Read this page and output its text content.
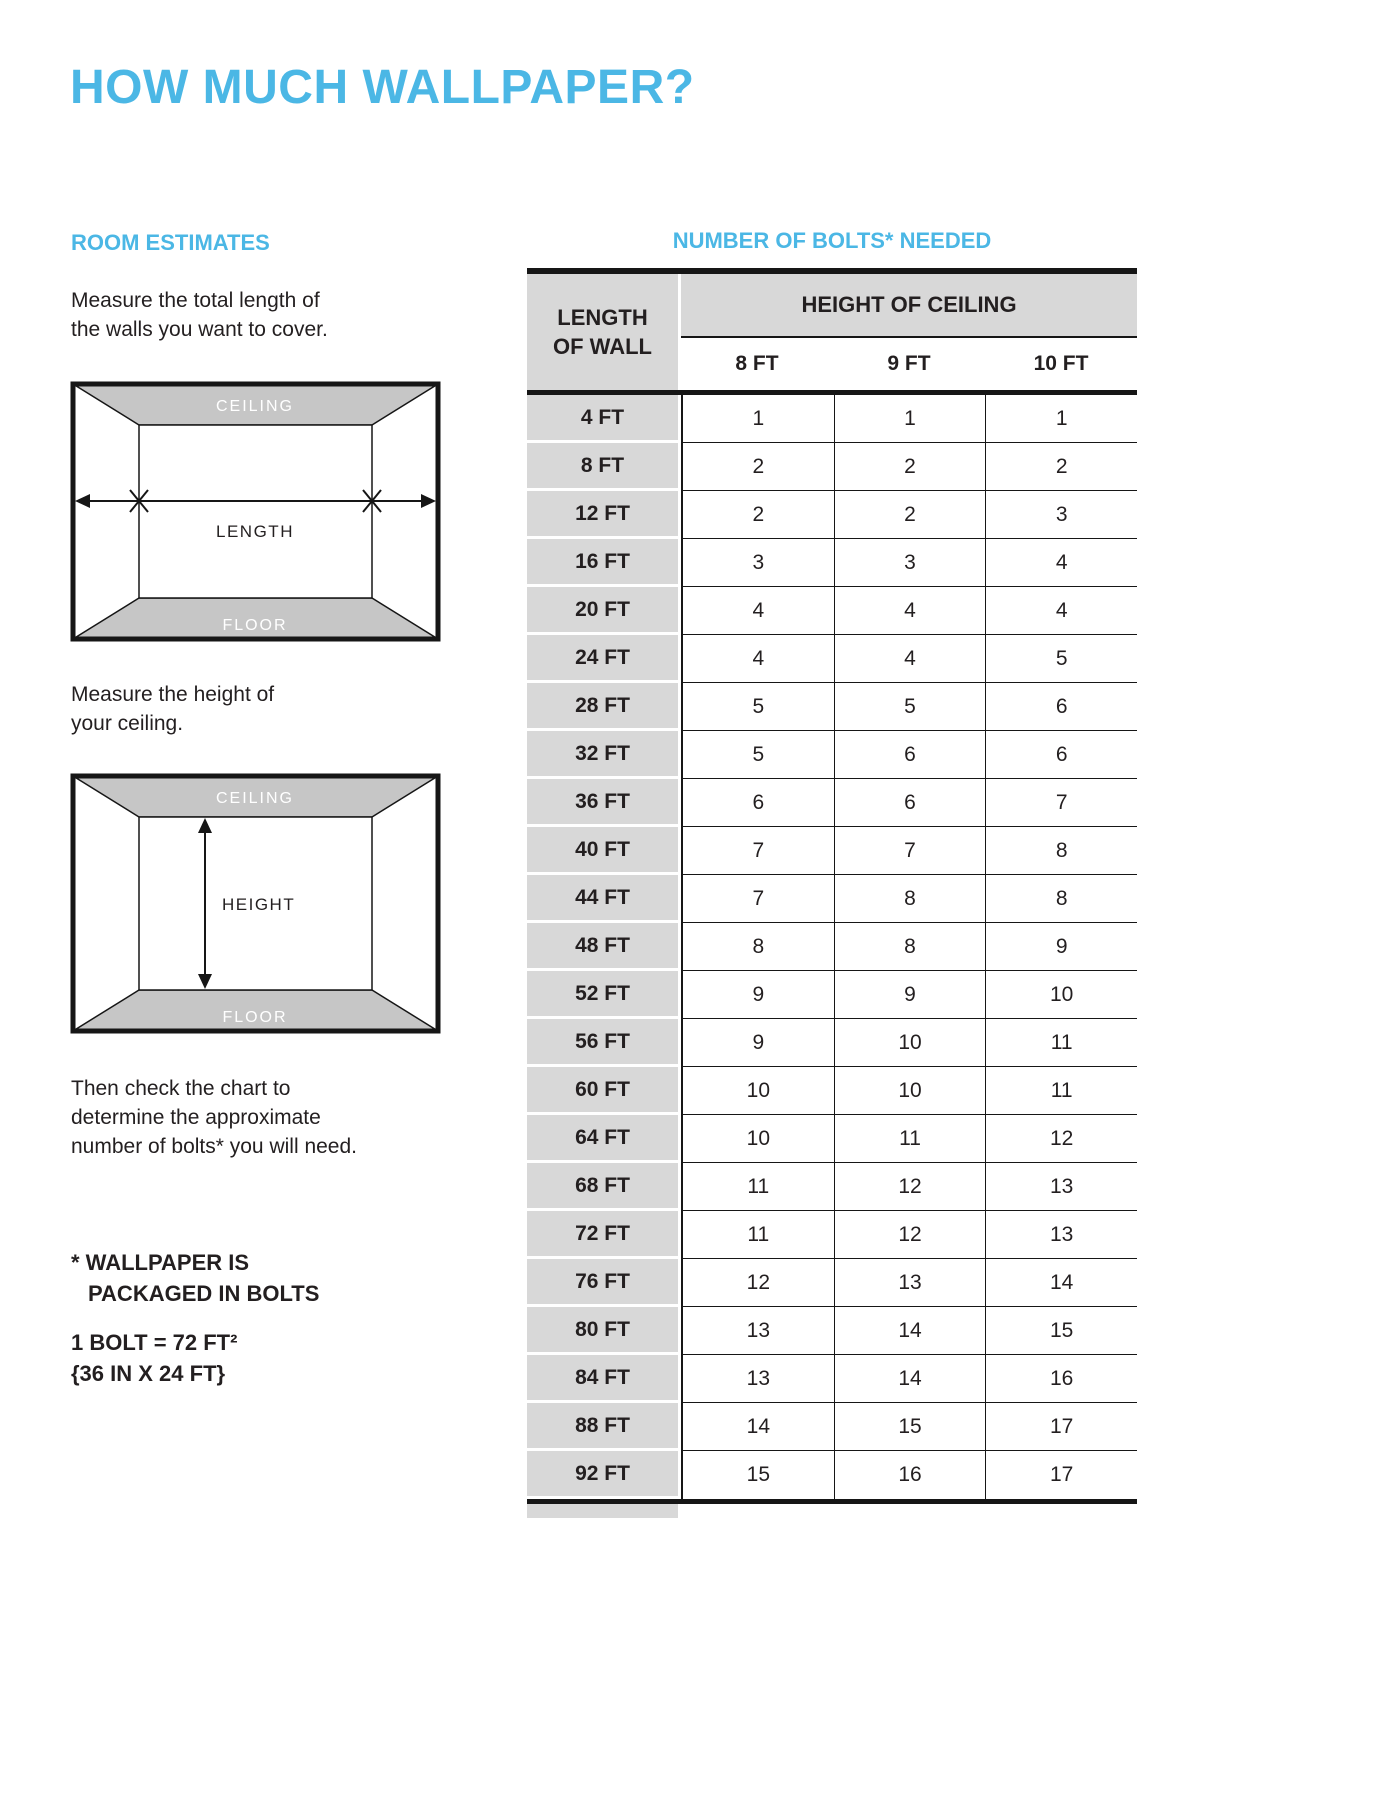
HOW MUCH WALLPAPER?
ROOM ESTIMATES
Measure the total length of
the walls you want to cover.
CEILING
LENGTH
FLOOR
Measure the height of
your ceiling.
CEILING
HEIGHT
FLOOR
Then check the chart to
determine the approximate
number of bolts* you will need.
* WALLPAPER IS
PACKAGED IN BOLTS
1 BOLT = 72 FT²
{36 IN X 24 FT}
NUMBER OF BOLTS* NEEDED
LENGTH
OF WALL
HEIGHT OF CEILING
8 FT	9 FT	10 FT
4 FT	1	1	1
8 FT	2	2	2
12 FT	2	2	3
16 FT	3	3	4
20 FT	4	4	4
24 FT	4	4	5
28 FT	5	5	6
32 FT	5	6	6
36 FT	6	6	7
40 FT	7	7	8
44 FT	7	8	8
48 FT	8	8	9
52 FT	9	9	10
56 FT	9	10	11
60 FT	10	10	11
64 FT	10	11	12
68 FT	11	12	13
72 FT	11	12	13
76 FT	12	13	14
80 FT	13	14	15
84 FT	13	14	16
88 FT	14	15	17
92 FT	15	16	17
